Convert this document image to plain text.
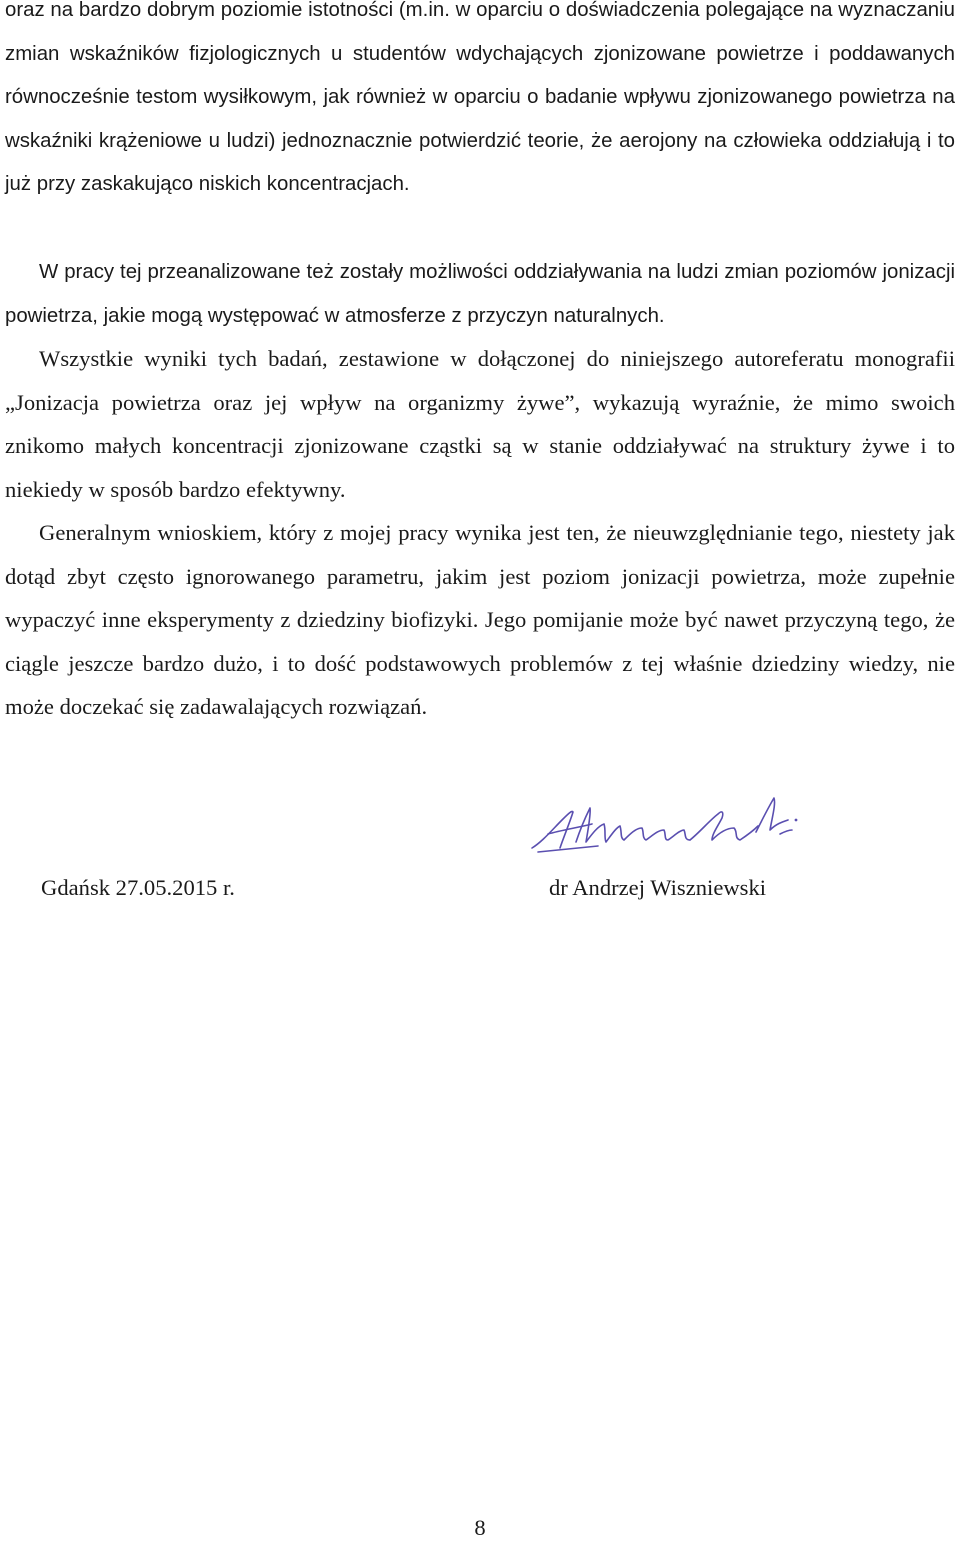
oraz na bardzo dobrym poziomie istotności (m.in. w oparciu o doświadczenia polegające na wyznaczaniu zmian wskaźników fizjologicznych u studentów wdychających zjonizowane powietrze i poddawanych równocześnie testom wysiłkowym, jak również w oparciu o badanie wpływu zjonizowanego powietrza na wskaźniki krążeniowe u ludzi) jednoznacznie potwierdzić teorie, że aerojony na człowieka oddziałują i to już przy zaskakująco niskich koncentracjach.

W pracy tej przeanalizowane też zostały możliwości oddziaływania na ludzi zmian poziomów jonizacji powietrza, jakie mogą występować w atmosferze z przyczyn naturalnych.

Wszystkie wyniki tych badań, zestawione w dołączonej do niniejszego autoreferatu monografii „Jonizacja powietrza oraz jej wpływ na organizmy żywe”, wykazują wyraźnie, że mimo swoich znikomo małych koncentracji zjonizowane cząstki są w stanie oddziaływać na struktury żywe i to niekiedy w sposób bardzo efektywny.

Generalnym wnioskiem, który z mojej pracy wynika jest ten, że nieuwzględnianie tego, niestety jak dotąd zbyt często ignorowanego parametru, jakim jest poziom jonizacji powietrza, może zupełnie wypaczyć inne eksperymenty z dziedziny biofizyki. Jego pomijanie może być nawet przyczyną tego, że ciągle jeszcze bardzo dużo, i to dość podstawowych problemów z tej właśnie dziedziny wiedzy, nie może doczekać się zadawalających rozwiązań.

Gdańsk 27.05.2015 r.	dr Andrzej Wiszniewski
8
